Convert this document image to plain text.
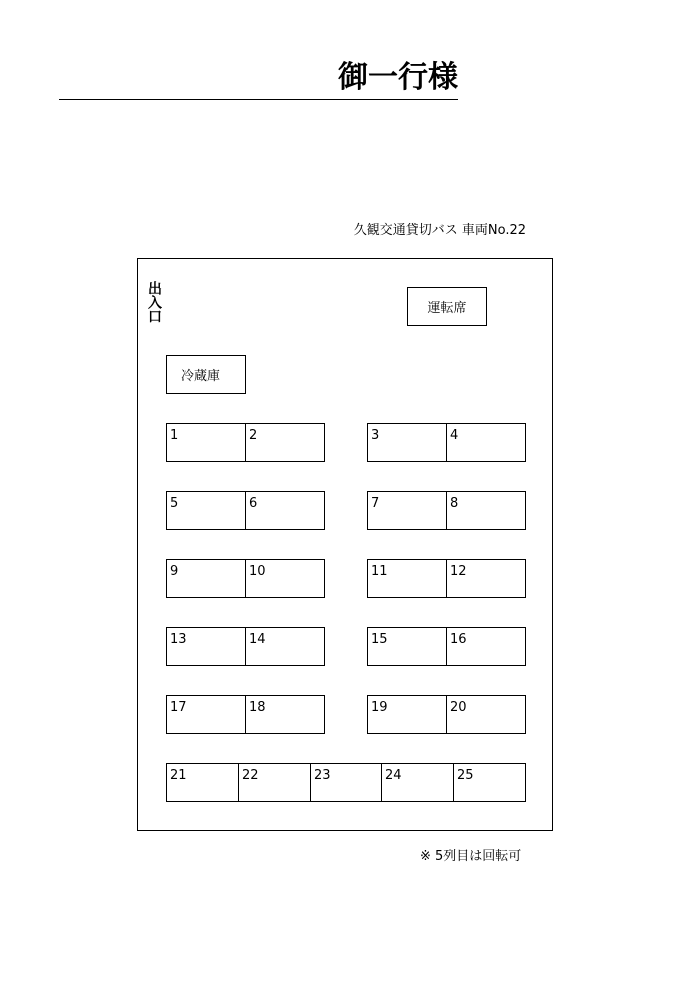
御一行様
久観交通貸切バス 車両No.22
出入口	運転席
冷蔵庫
1	2	3	4
5	6	7	8
9	10	11	12
13	14	15	16
17	18	19	20
21	22	23	24	25
※ 5列目は回転可
